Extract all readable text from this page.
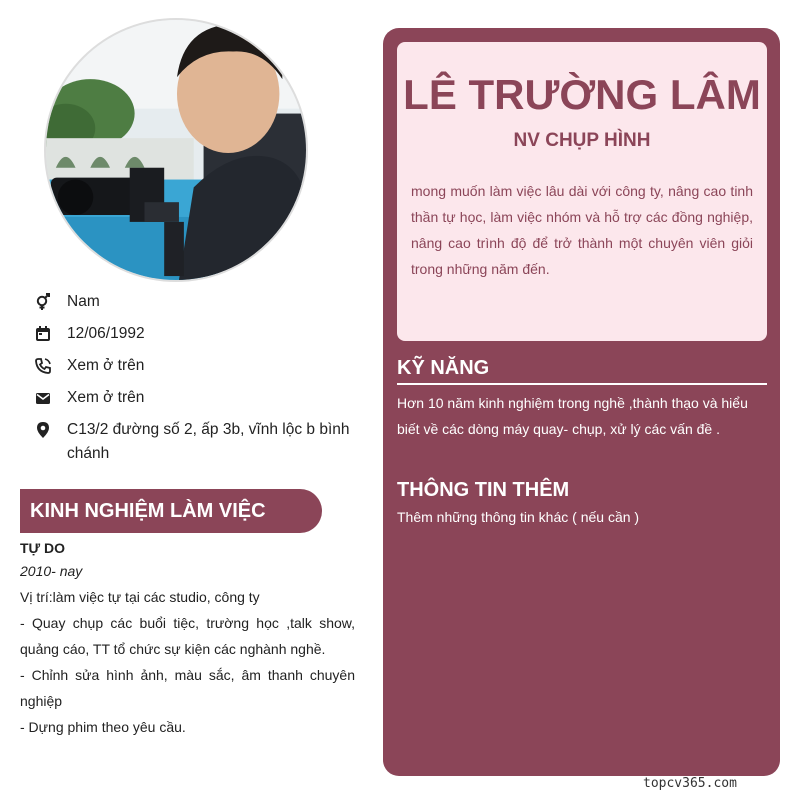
Nam
12/06/1992
Xem ở trên
Xem ở trên
C13/2 đường số 2, ấp 3b, vĩnh lộc b bình chánh
KINH NGHIỆM LÀM VIỆC
TỰ DO
2010- nay

Vị trí:làm việc tự tại các studio, công ty

- Quay chụp các buổi tiệc, trường học ,talk show, quảng cáo, TT tổ chức sự kiện các nghành nghề.

- Chỉnh sửa hình ảnh, màu sắc, âm thanh chuyên nghiệp

- Dựng phim theo yêu cầu.

LÊ TRƯỜNG LÂM
NV CHỤP HÌNH
mong muốn làm việc lâu dài với công ty, nâng cao tinh thần tự học, làm việc nhóm và hỗ trợ các đồng nghiệp, nâng cao trình độ để trở thành một chuyên viên giỏi trong những năm đến.
KỸ NĂNG
Hơn 10 năm kinh nghiệm trong nghề ,thành thạo và hiểu biết về các dòng máy quay- chụp, xử lý các vấn đề .
THÔNG TIN THÊM
Thêm những thông tin khác ( nếu cần )
topcv365.com
